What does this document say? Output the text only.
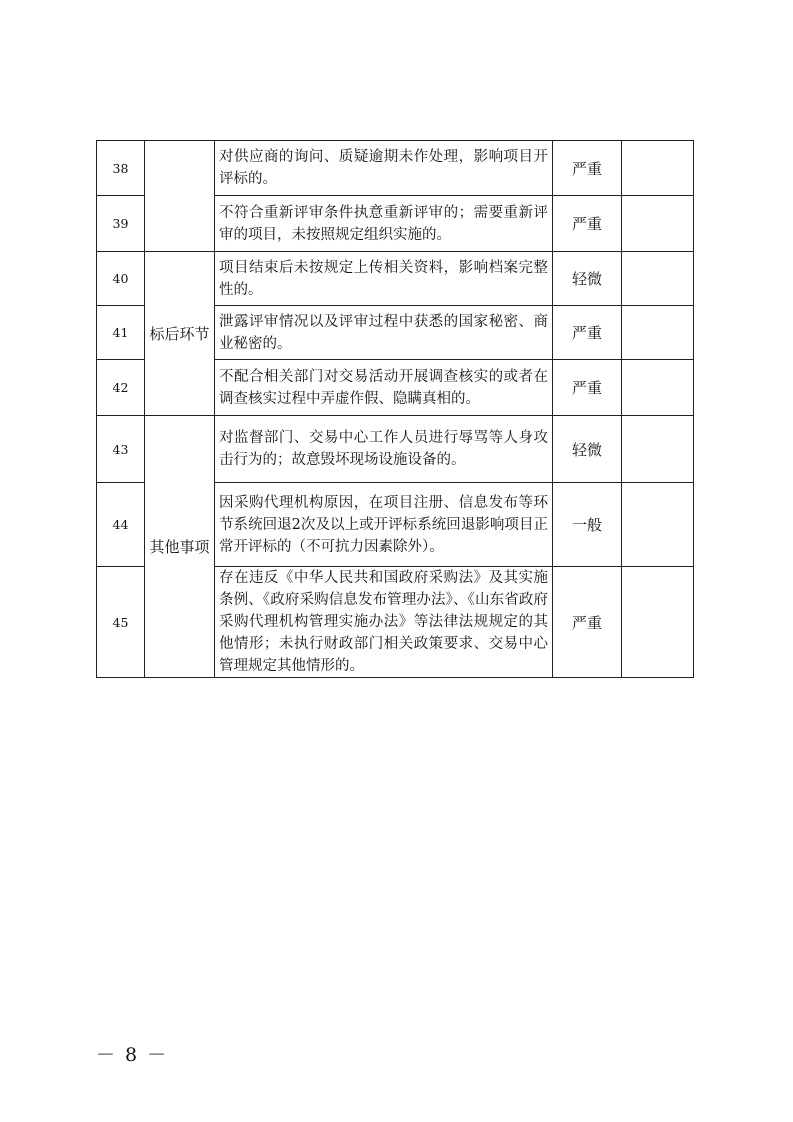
38		对供应商的询问、质疑逾期未作处理，影响项目开评标的。	严重	
39		不符合重新评审条件执意重新评审的；需要重新评审的项目，未按照规定组织实施的。	严重	
40	标后环节	项目结束后未按规定上传相关资料，影响档案完整性的。	轻微	
41		泄露评审情况以及评审过程中获悉的国家秘密、商业秘密的。	严重	
42		不配合相关部门对交易活动开展调查核实的或者在调查核实过程中弄虚作假、隐瞒真相的。	严重	
43	其他事项	对监督部门、交易中心工作人员进行辱骂等人身攻击行为的；故意毁坏现场设施设备的。	轻微	
44		因采购代理机构原因，在项目注册、信息发布等环节系统回退2次及以上或开评标系统回退影响项目正常开评标的（不可抗力因素除外）。	一般	
45		存在违反《中华人民共和国政府采购法》及其实施条例、《政府采购信息发布管理办法》、《山东省政府采购代理机构管理实施办法》等法律法规规定的其他情形；未执行财政部门相关政策要求、交易中心管理规定其他情形的。	严重	
－ 8 －
